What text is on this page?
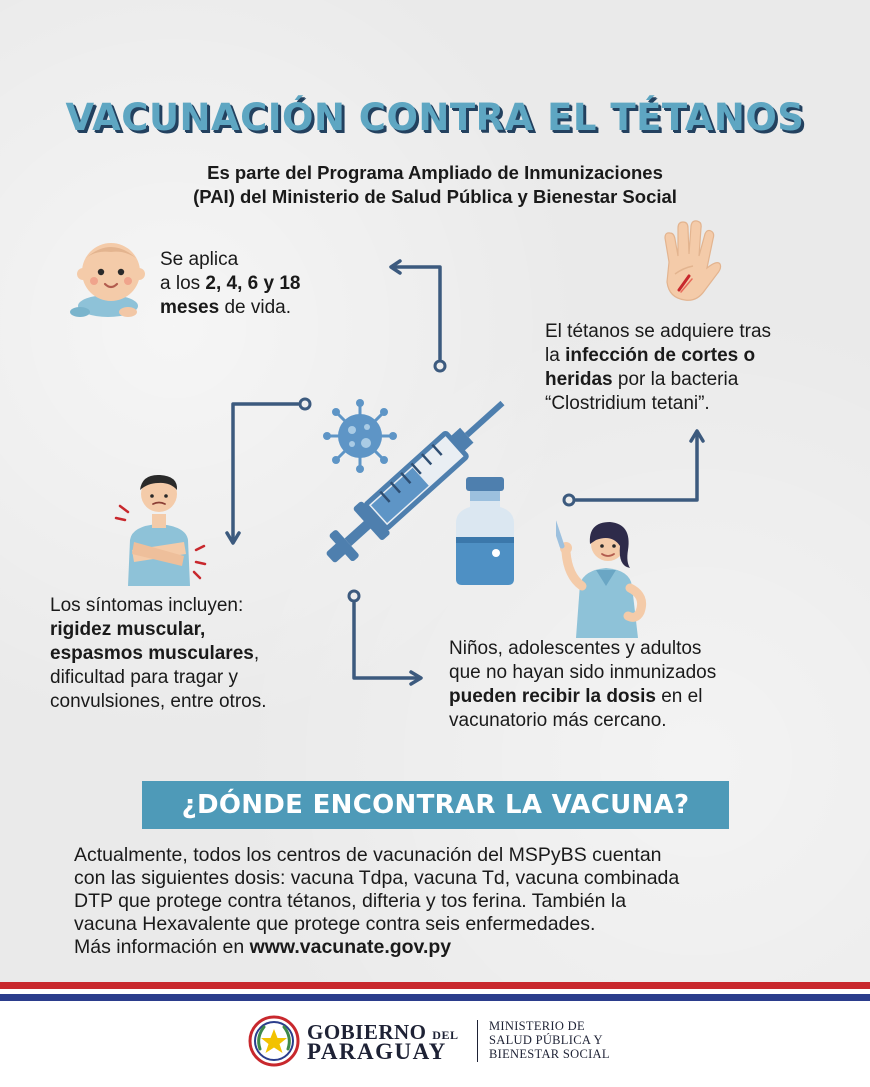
VACUNACIÓN CONTRA EL TÉTANOS
Es parte del Programa Ampliado de Inmunizaciones
(PAI) del Ministerio de Salud Pública y Bienestar Social
Se aplica
a los 2, 4, 6 y 18
meses de vida.
El tétanos se adquiere tras
la infección de cortes o
heridas por la bacteria
“Clostridium tetani”.
Los síntomas incluyen:
rigidez muscular,
espasmos musculares,
dificultad para tragar y
convulsiones, entre otros.
Niños, adolescentes y adultos
que no hayan sido inmunizados
pueden recibir la dosis en el
vacunatorio más cercano.
¿DÓNDE ENCONTRAR LA VACUNA?
Actualmente, todos los centros de vacunación del MSPyBS cuentan
con las siguientes dosis: vacuna Tdpa, vacuna Td, vacuna combinada
DTP que protege contra tétanos, difteria y tos ferina. También la
vacuna Hexavalente que protege contra seis enfermedades.
Más información en www.vacunate.gov.py
GOBIERNO DEL
PARAGUAY
MINISTERIO DE
SALUD PÚBLICA Y
BIENESTAR SOCIAL
